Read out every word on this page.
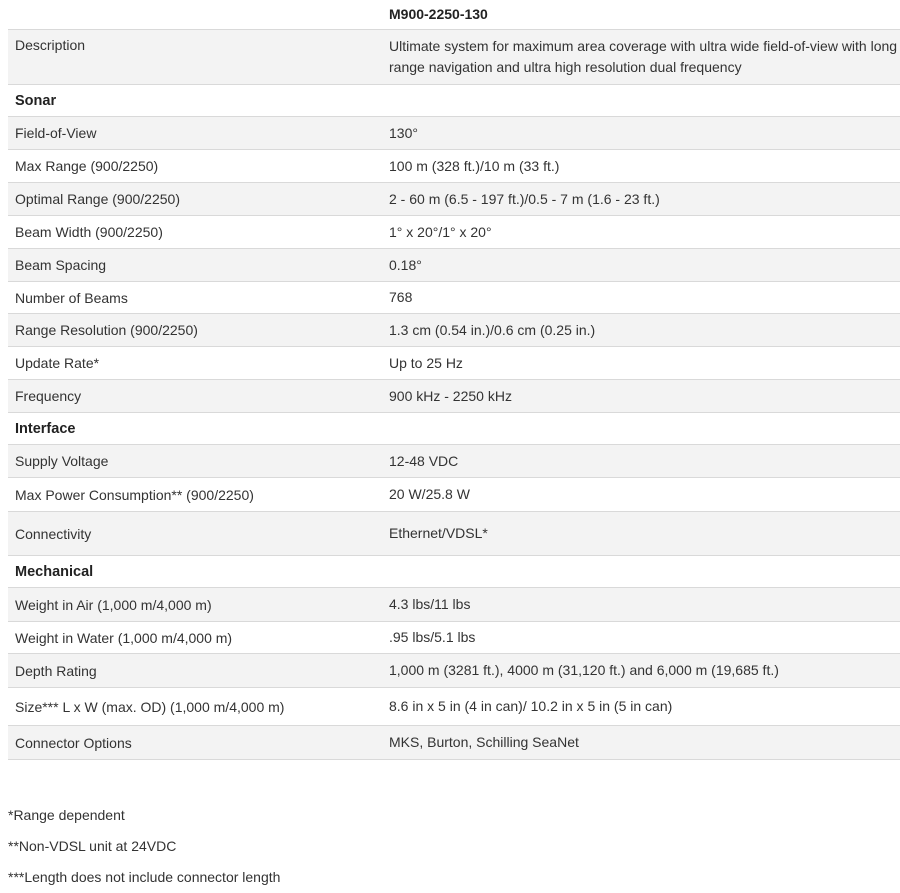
M900-2250-130
Description	Ultimate system for maximum area coverage with ultra wide field-of-view with long range navigation and ultra high resolution dual frequency
Sonar
Field-of-View	130°
Max Range (900/2250)	100 m (328 ft.)/10 m (33 ft.)
Optimal Range (900/2250)	2 - 60 m (6.5 - 197 ft.)/0.5 - 7 m (1.6 - 23 ft.)
Beam Width (900/2250)	1° x 20°/1° x 20°
Beam Spacing	0.18°
Number of Beams	768
Range Resolution (900/2250)	1.3 cm (0.54 in.)/0.6 cm (0.25 in.)
Update Rate*	Up to 25 Hz
Frequency	900 kHz - 2250 kHz
Interface
Supply Voltage	12-48 VDC
Max Power Consumption** (900/2250)	20 W/25.8 W
Connectivity	Ethernet/VDSL*
Mechanical
Weight in Air (1,000 m/4,000 m)	4.3 lbs/11 lbs
Weight in Water (1,000 m/4,000 m)	.95 lbs/5.1 lbs
Depth Rating	1,000 m (3281 ft.), 4000 m (31,120 ft.) and 6,000 m (19,685 ft.)
Size*** L x W (max. OD) (1,000 m/4,000 m)	8.6 in x 5 in (4 in can)/ 10.2 in x 5 in (5 in can)
Connector Options	MKS, Burton, Schilling SeaNet
*Range dependent
**Non-VDSL unit at 24VDC
***Length does not include connector length
